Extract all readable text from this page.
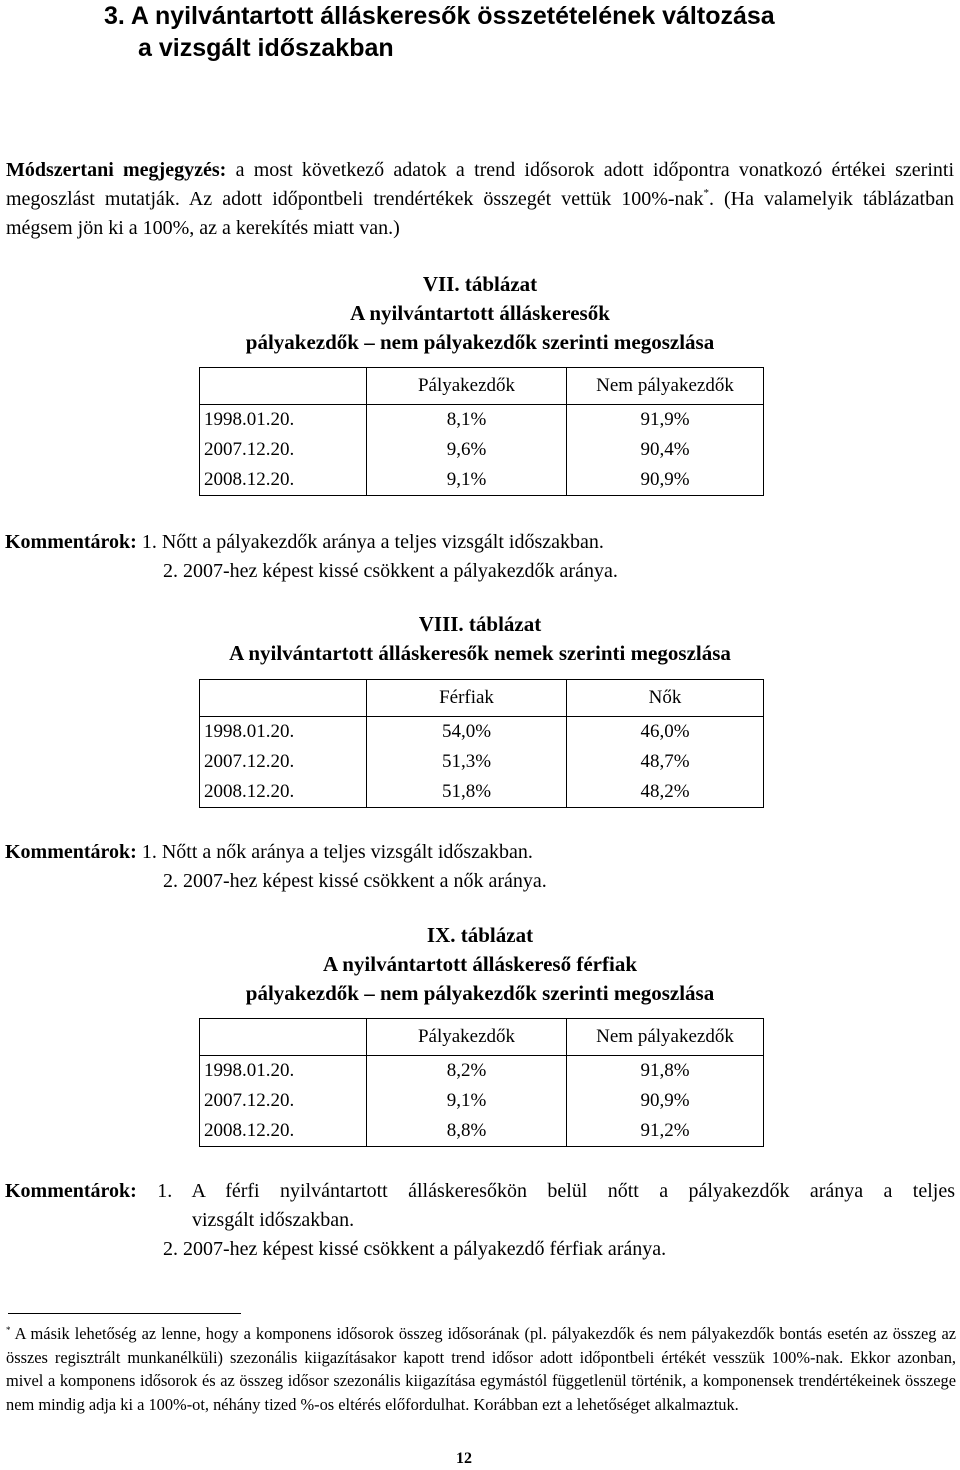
3. A nyilvántartott álláskeresők összetételének változása
a vizsgált időszakban
Módszertani megjegyzés: a most következő adatok a trend idősorok adott időpontra vonatkozó értékei szerinti megoszlást mutatják. Az adott időpontbeli trendértékek összegét vettük 100%-nak*. (Ha valamelyik táblázatban mégsem jön ki a 100%, az a kerekítés miatt van.)
VII. táblázat
A nyilvántartott álláskeresők
pályakezdők – nem pályakezdők szerinti megoszlása
	Pályakezdők	Nem pályakezdők
1998.01.20.	8,1%	91,9%
2007.12.20.	9,6%	90,4%
2008.12.20.	9,1%	90,9%
Kommentárok: 1. Nőtt a pályakezdők aránya a teljes vizsgált időszakban.
2. 2007-hez képest kissé csökkent a pályakezdők aránya.
VIII. táblázat
A nyilvántartott álláskeresők nemek szerinti megoszlása
	Férfiak	Nők
1998.01.20.	54,0%	46,0%
2007.12.20.	51,3%	48,7%
2008.12.20.	51,8%	48,2%
Kommentárok: 1. Nőtt a nők aránya a teljes vizsgált időszakban.
2. 2007-hez képest kissé csökkent a nők aránya.
IX. táblázat
A nyilvántartott álláskereső férfiak
pályakezdők – nem pályakezdők szerinti megoszlása
	Pályakezdők	Nem pályakezdők
1998.01.20.	8,2%	91,8%
2007.12.20.	9,1%	90,9%
2008.12.20.	8,8%	91,2%
Kommentárok: 1. A férfi nyilvántartott álláskeresőkön belül nőtt a pályakezdők aránya a teljes
vizsgált időszakban.
2. 2007-hez képest kissé csökkent a pályakezdő férfiak aránya.
* A másik lehetőség az lenne, hogy a komponens idősorok összeg idősorának (pl. pályakezdők és nem pályakezdők bontás esetén az összeg az összes regisztrált munkanélküli) szezonális kiigazításakor kapott trend idősor adott időpontbeli értékét vesszük 100%-nak. Ekkor azonban, mivel a komponens idősorok és az összeg idősor szezonális kiigazítása egymástól függetlenül történik, a komponensek trendértékeinek összege nem mindig adja ki a 100%-ot, néhány tized %-os eltérés előfordulhat. Korábban ezt a lehetőséget alkalmaztuk.
12
